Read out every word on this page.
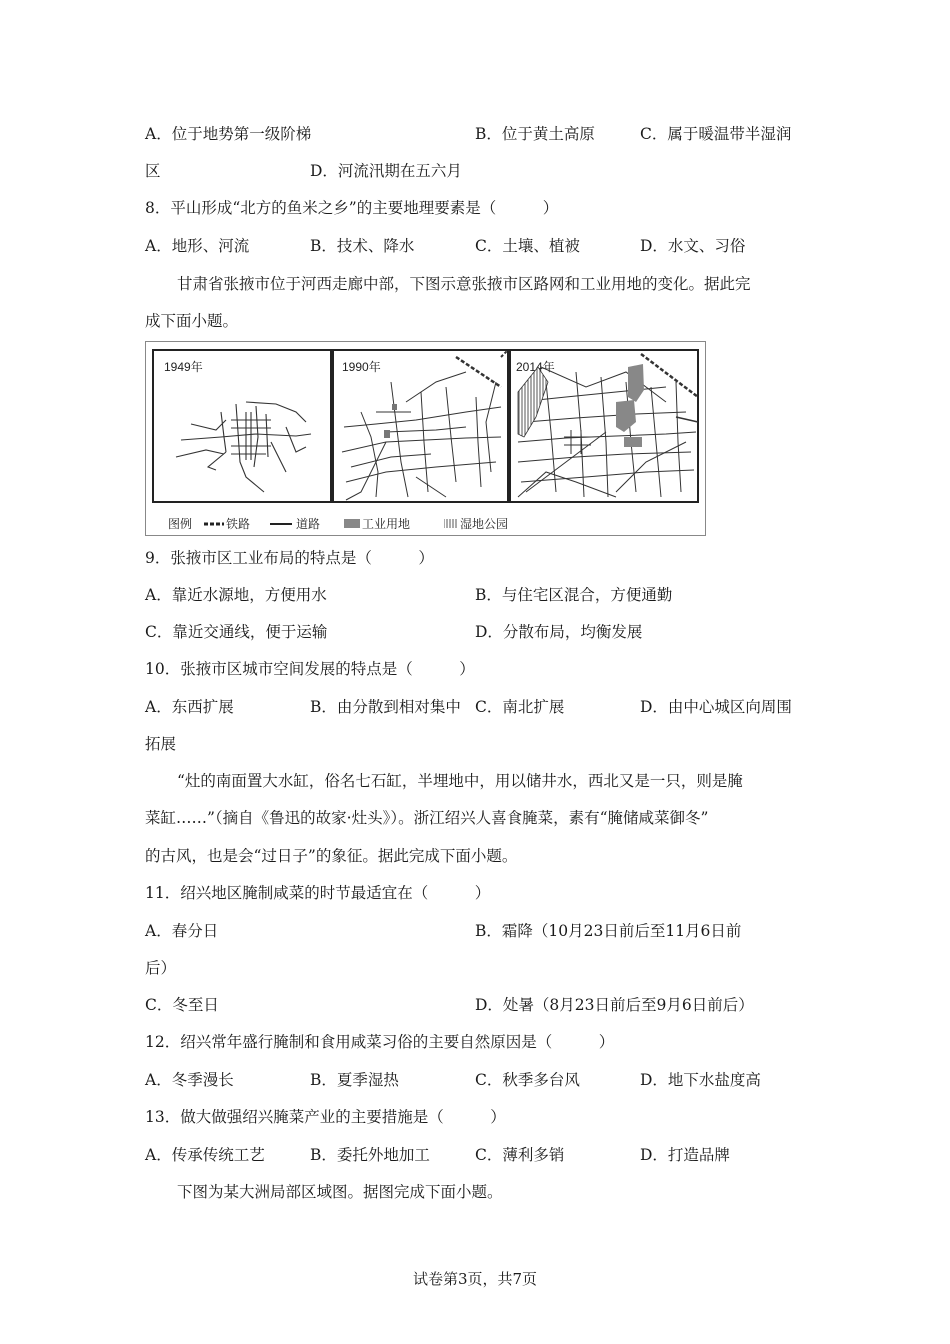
A．位于地势第一级阶梯	B．位于黄土高原	C．属于暖温带半湿润
区	D．河流汛期在五六月
8．平山形成“北方的鱼米之乡”的主要地理要素是（　　　）
A．地形、河流	B．技术、降水	C．土壤、植被	D．水文、习俗
甘肃省张掖市位于河西走廊中部，下图示意张掖市区路网和工业用地的变化。据此完
成下面小题。
1949年	1990年	2014年
图例	铁路	道路	工业用地	湿地公园
9．张掖市区工业布局的特点是（　　　）
A．靠近水源地，方便用水	B．与住宅区混合，方便通勤
C．靠近交通线，便于运输	D．分散布局，均衡发展
10．张掖市区城市空间发展的特点是（　　　）
A．东西扩展	B．由分散到相对集中 C．南北扩展	D．由中心城区向周围
拓展
“灶的南面置大水缸，俗名七石缸，半埋地中，用以储井水，西北又是一只，则是腌
菜缸……”（摘自《鲁迅的故家·灶头》）。浙江绍兴人喜食腌菜，素有“腌储咸菜御冬”
的古风，也是会“过日子”的象征。据此完成下面小题。
11．绍兴地区腌制咸菜的时节最适宜在（　　　）
A．春分日	B．霜降（10月23日前后至11月6日前
后）
C．冬至日	D．处暑（8月23日前后至9月6日前后）
12．绍兴常年盛行腌制和食用咸菜习俗的主要自然原因是（　　　）
A．冬季漫长	B．夏季湿热	C．秋季多台风	D．地下水盐度高
13．做大做强绍兴腌菜产业的主要措施是（　　　）
A．传承传统工艺	B．委托外地加工	C．薄利多销	D．打造品牌
下图为某大洲局部区域图。据图完成下面小题。
试卷第3页，共7页
